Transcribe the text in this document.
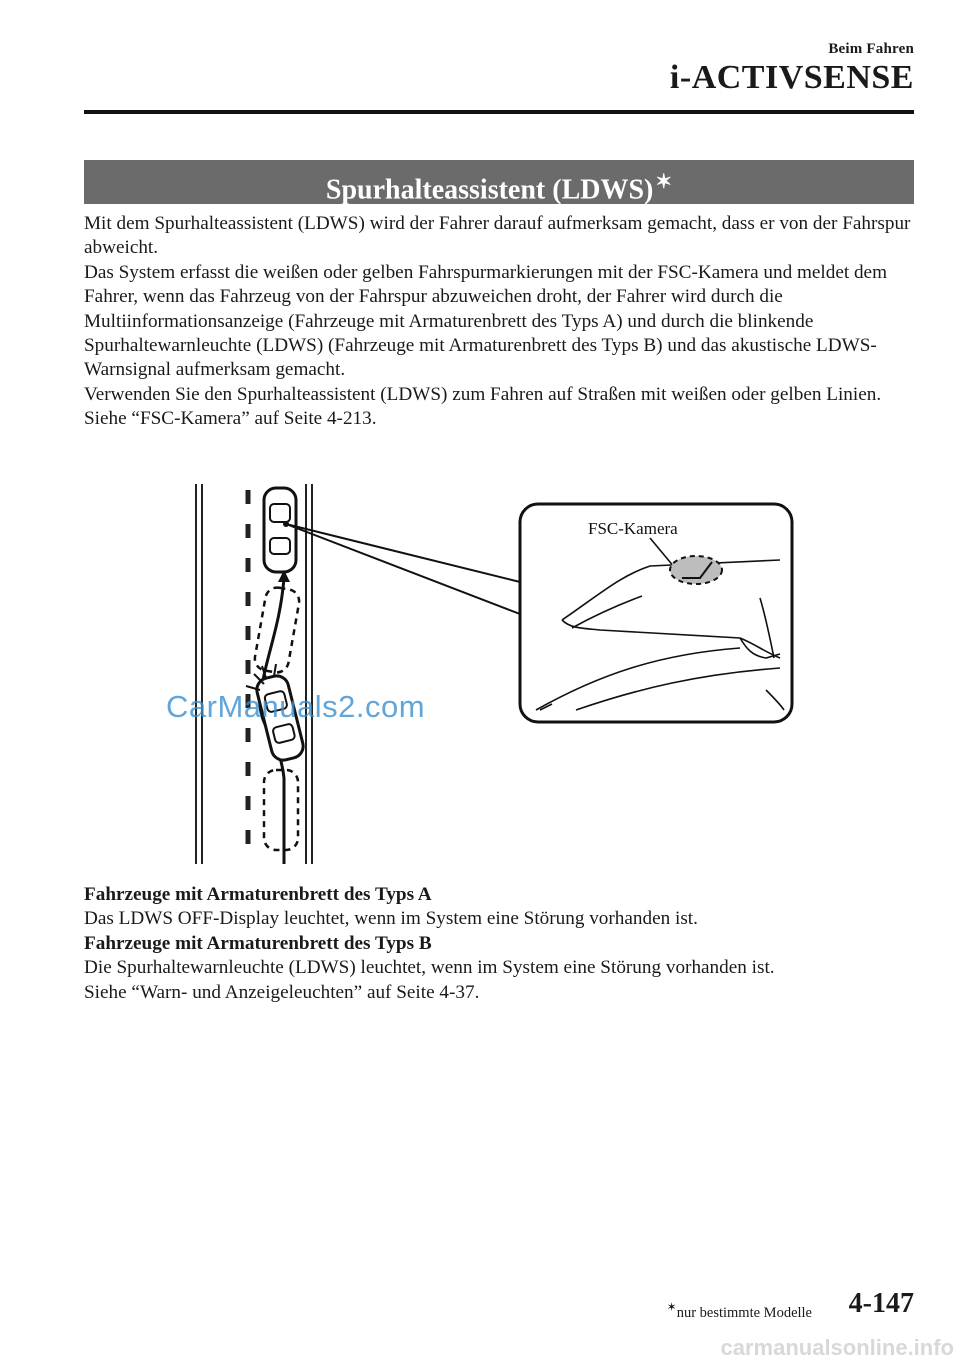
Beim Fahren
i-ACTIVSENSE
Spurhalteassistent (LDWS) ✶

Mit dem Spurhalteassistent (LDWS) wird der Fahrer darauf aufmerksam gemacht, dass er von der Fahrspur abweicht.

Das System erfasst die weißen oder gelben Fahrspurmarkierungen mit der FSC-Kamera und meldet dem Fahrer, wenn das Fahrzeug von der Fahrspur abzuweichen droht, der Fahrer wird durch die Multiinformationsanzeige (Fahrzeuge mit Armaturenbrett des Typs A) und durch die blinkende Spurhaltewarnleuchte (LDWS) (Fahrzeuge mit Armaturenbrett des Typs B) und das akustische LDWS-Warnsignal aufmerksam gemacht.

Verwenden Sie den Spurhalteassistent (LDWS) zum Fahren auf Straßen mit weißen oder gelben Linien.

Siehe “FSC-Kamera” auf Seite 4-213.

FSC-Kamera
CarManuals2.com

Fahrzeuge mit Armaturenbrett des Typs A

Das LDWS OFF-Display leuchtet, wenn im System eine Störung vorhanden ist.

Fahrzeuge mit Armaturenbrett des Typs B

Die Spurhaltewarnleuchte (LDWS) leuchtet, wenn im System eine Störung vorhanden ist.

Siehe “Warn- und Anzeigeleuchten” auf Seite 4-37.

✶nur bestimmte Modelle 4-147
carmanualsonline.info
